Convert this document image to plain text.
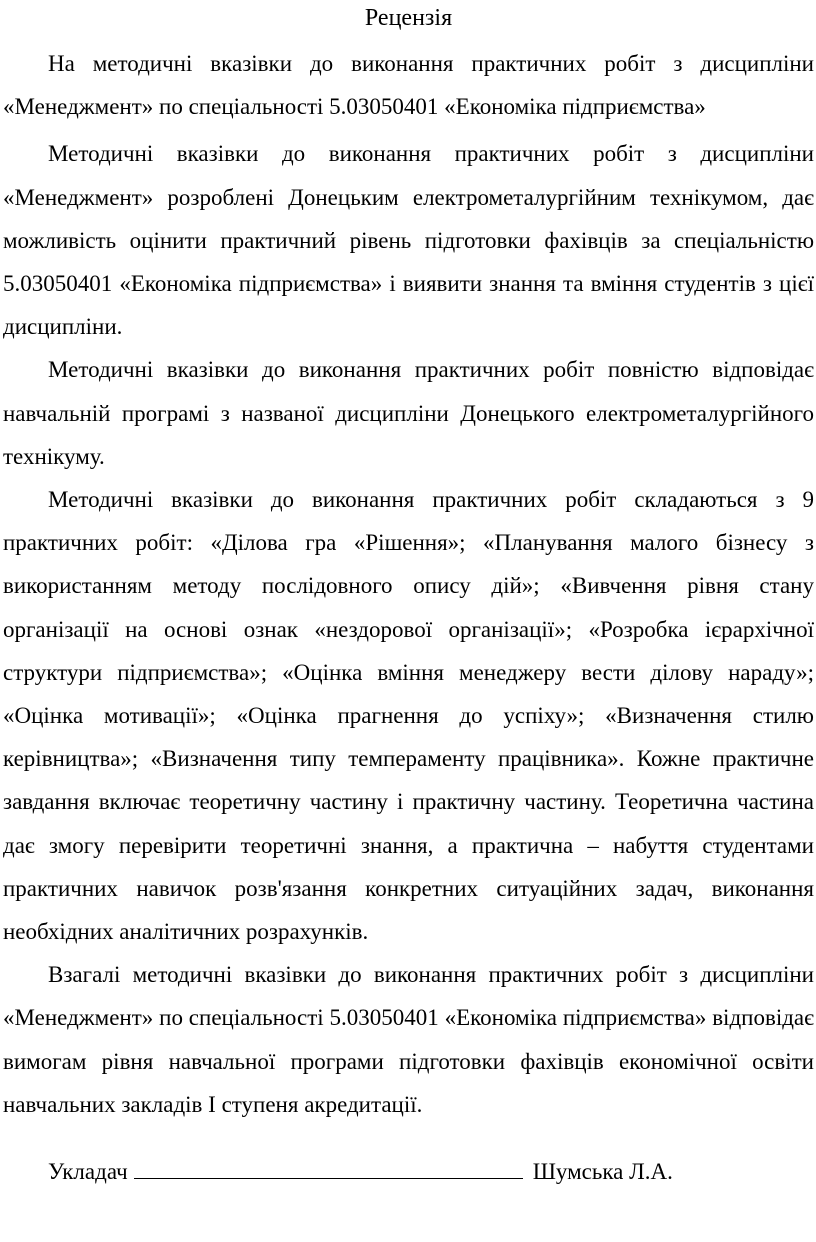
Рецензія

На методичні вказівки до виконання практичних робіт з дисципліни «Менеджмент» по спеціальності 5.03050401 «Економіка підприємства»

Методичні вказівки до виконання практичних робіт з дисципліни «Менеджмент» розроблені Донецьким електрометалургійним технікумом, дає можливість оцінити практичний рівень підготовки фахівців за спеціальністю 5.03050401 «Економіка підприємства» і виявити знання та вміння студентів з цієї дисципліни.

Методичні вказівки до виконання практичних робіт повністю відповідає навчальній програмі з названої дисципліни Донецького електрометалургійного технікуму.

Методичні вказівки до виконання практичних робіт складаються з 9 практичних робіт: «Ділова гра «Рішення»; «Планування малого бізнесу з використанням методу послідовного опису дій»; «Вивчення рівня стану організації на основі ознак «нездорової організації»; «Розробка ієрархічної структури підприємства»; «Оцінка вміння менеджеру вести ділову нараду»; «Оцінка мотивації»; «Оцінка прагнення до успіху»; «Визначення стилю керівництва»; «Визначення типу темпераменту працівника». Кожне практичне завдання включає теоретичну частину і практичну частину. Теоретична частина дає змогу перевірити теоретичні знання, а практична – набуття студентами практичних навичок розв'язання конкретних ситуаційних задач, виконання необхідних аналітичних розрахунків.

Взагалі методичні вказівки до виконання практичних робіт з дисципліни «Менеджмент» по спеціальності 5.03050401 «Економіка підприємства» відповідає вимогам рівня навчальної програми підготовки фахівців економічної освіти навчальних закладів І ступеня акредитації.

Укладач	Шумська Л.А.
